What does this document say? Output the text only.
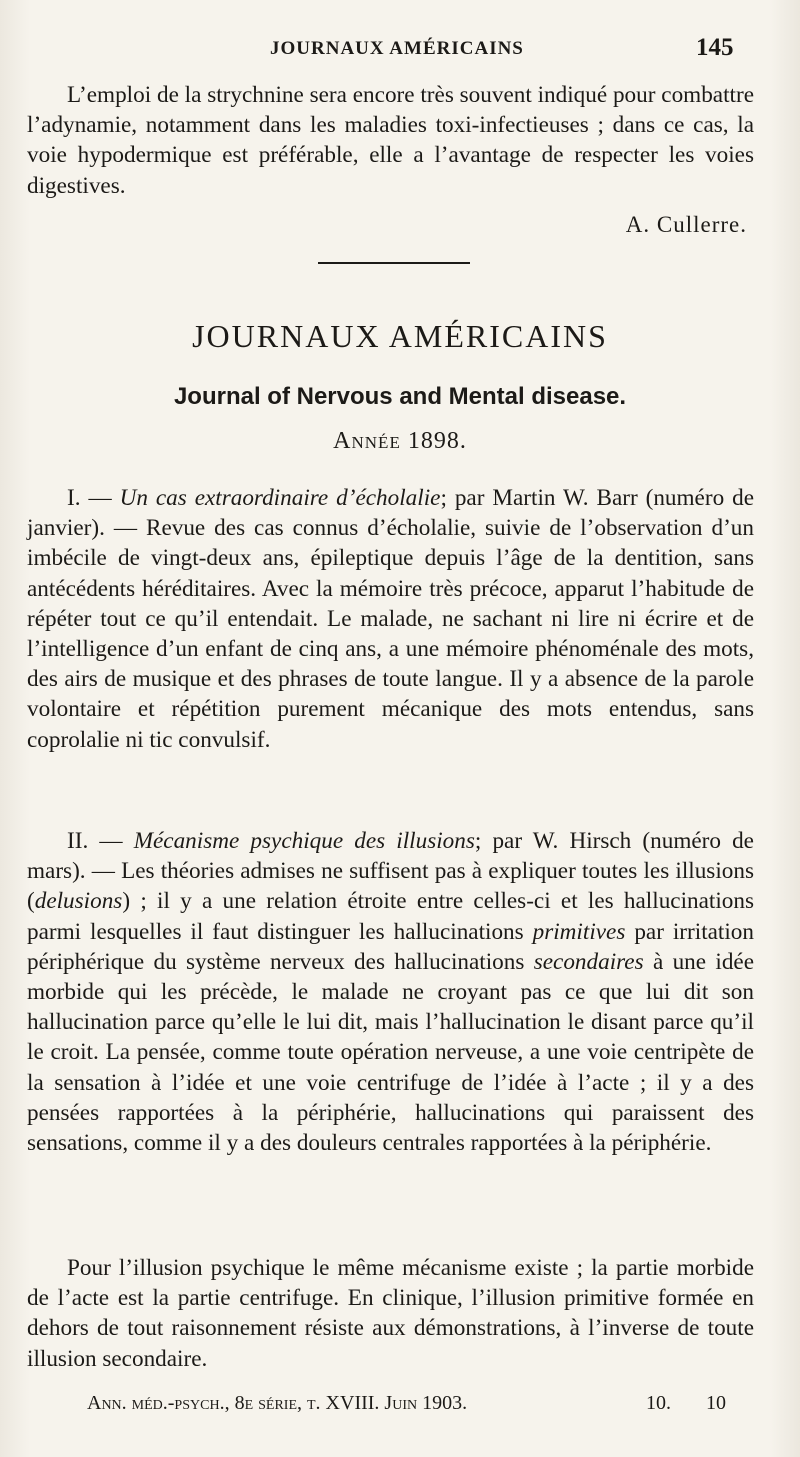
JOURNAUX AMÉRICAINS	145

L’emploi de la strychnine sera encore très souvent indiqué pour combattre l’adynamie, notamment dans les maladies toxi-infectieuses ; dans ce cas, la voie hypodermique est préférable, elle a l’avantage de respecter les voies digestives.

A. Cullerre.
JOURNAUX AMÉRICAINS
Journal of Nervous and Mental disease.
Année 1898.

I. — Un cas extraordinaire d’écholalie; par Martin W. Barr (numéro de janvier). — Revue des cas connus d’écholalie, suivie de l’observation d’un imbécile de vingt-deux ans, épileptique depuis l’âge de la dentition, sans antécédents héréditaires. Avec la mémoire très précoce, apparut l’habitude de répéter tout ce qu’il entendait. Le malade, ne sachant ni lire ni écrire et de l’intelligence d’un enfant de cinq ans, a une mémoire phénoménale des mots, des airs de musique et des phrases de toute langue. Il y a absence de la parole volontaire et répétition purement mécanique des mots entendus, sans coprolalie ni tic convulsif.

II. — Mécanisme psychique des illusions; par W. Hirsch (numéro de mars). — Les théories admises ne suffisent pas à expliquer toutes les illusions (delusions) ; il y a une relation étroite entre celles-ci et les hallucinations parmi lesquelles il faut distinguer les hallucinations primitives par irritation périphérique du système nerveux des hallucinations secondaires à une idée morbide qui les précède, le malade ne croyant pas ce que lui dit son hallucination parce qu’elle le lui dit, mais l’hallucination le disant parce qu’il le croit. La pensée, comme toute opération nerveuse, a une voie centripète de la sensation à l’idée et une voie centrifuge de l’idée à l’acte ; il y a des pensées rapportées à la périphérie, hallucinations qui paraissent des sensations, comme il y a des douleurs centrales rapportées à la périphérie.

Pour l’illusion psychique le même mécanisme existe ; la partie morbide de l’acte est la partie centrifuge. En clinique, l’illusion primitive formée en dehors de tout raisonnement résiste aux démonstrations, à l’inverse de toute illusion secondaire.

Ann. méd.-psych., 8e série, t. XVIII. Juin 1903.	10. 10
